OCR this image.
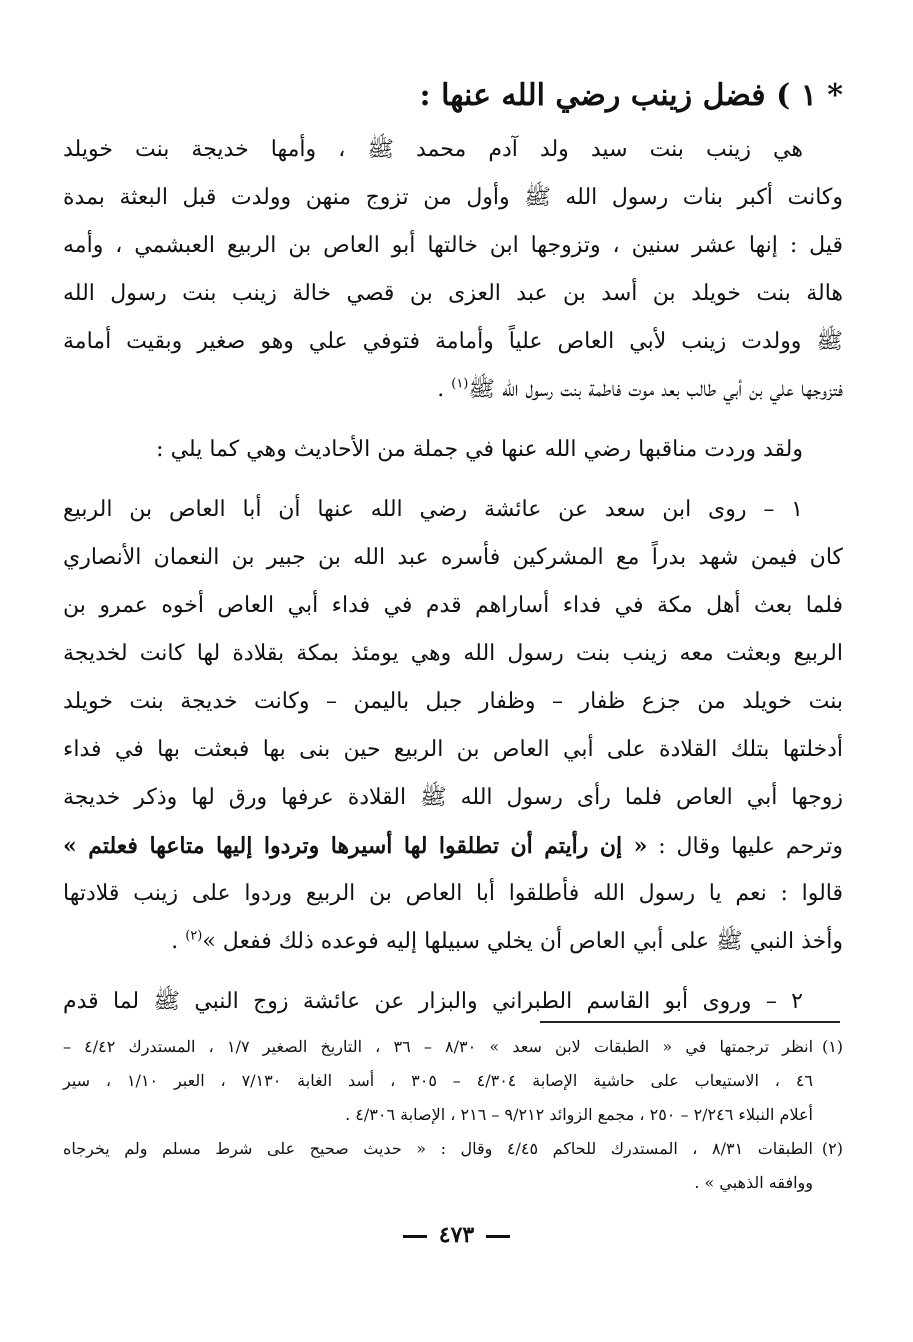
* ١ ) فضل زينب رضي الله عنها :
هي زينب بنت سيد ولد آدم محمد ﷺ ، وأمها خديجة بنت خويلد
وكانت أكبر بنات رسول الله ﷺ وأول من تزوج منهن وولدت قبل البعثة بمدة
قيل : إنها عشر سنين ، وتزوجها ابن خالتها أبو العاص بن الربيع العبشمي ، وأمه
هالة بنت خويلد بن أسد بن عبد العزى بن قصي خالة زينب بنت رسول الله
ﷺ وولدت زينب لأبي العاص علياً وأمامة فتوفي علي وهو صغير وبقيت أمامة
فتزوجها علي بن أبي طالب بعد موت فاطمة بنت رسول الله ﷺ$^{(١)}$ .
ولقد وردت مناقبها رضي الله عنها في جملة من الأحاديث وهي كما يلي :
١ – روى ابن سعد عن عائشة رضي الله عنها أن أبا العاص بن الربيع
كان فيمن شهد بدراً مع المشركين فأسره عبد الله بن جبير بن النعمان الأنصاري
فلما بعث أهل مكة في فداء أساراهم قدم في فداء أبي العاص أخوه عمرو بن
الربيع وبعثت معه زينب بنت رسول الله وهي يومئذ بمكة بقلادة لها كانت لخديجة
بنت خويلد من جزع ظفار – وظفار جبل باليمن – وكانت خديجة بنت خويلد
أدخلتها بتلك القلادة على أبي العاص بن الربيع حين بنى بها فبعثت بها في فداء
زوجها أبي العاص فلما رأى رسول الله ﷺ القلادة عرفها ورق لها وذكر خديجة
وترحم عليها وقال : « إن رأيتم أن تطلقوا لها أسيرها وتردوا إليها متاعها فعلتم »
قالوا : نعم يا رسول الله فأطلقوا أبا العاص بن الربيع وردوا على زينب قلادتها
وأخذ النبي ﷺ على أبي العاص أن يخلي سبيلها إليه فوعده ذلك ففعل »$^{(٢)}$ .
٢ – وروى أبو القاسم الطبراني والبزار عن عائشة زوج النبي ﷺ لما قدم
(١)انظر ترجمتها في « الطبقات لابن سعد » ٨/٣٠ – ٣٦ ، التاريخ الصغير ١/٧ ، المستدرك ٤/٤٢ –
٤٦ ، الاستيعاب على حاشية الإصابة ٤/٣٠٤ – ٣٠٥ ، أسد الغابة ٧/١٣٠ ، العبر ١/١٠ ، سير
أعلام النبلاء ٢/٢٤٦ – ٢٥٠ ، مجمع الزوائد ٩/٢١٢ – ٢١٦ ، الإصابة ٤/٣٠٦ .
(٢)الطبقات ٨/٣١ ، المستدرك للحاكم ٤/٤٥ وقال : « حديث صحيح على شرط مسلم ولم يخرجاه
ووافقه الذهبي » .
٤٧٣
